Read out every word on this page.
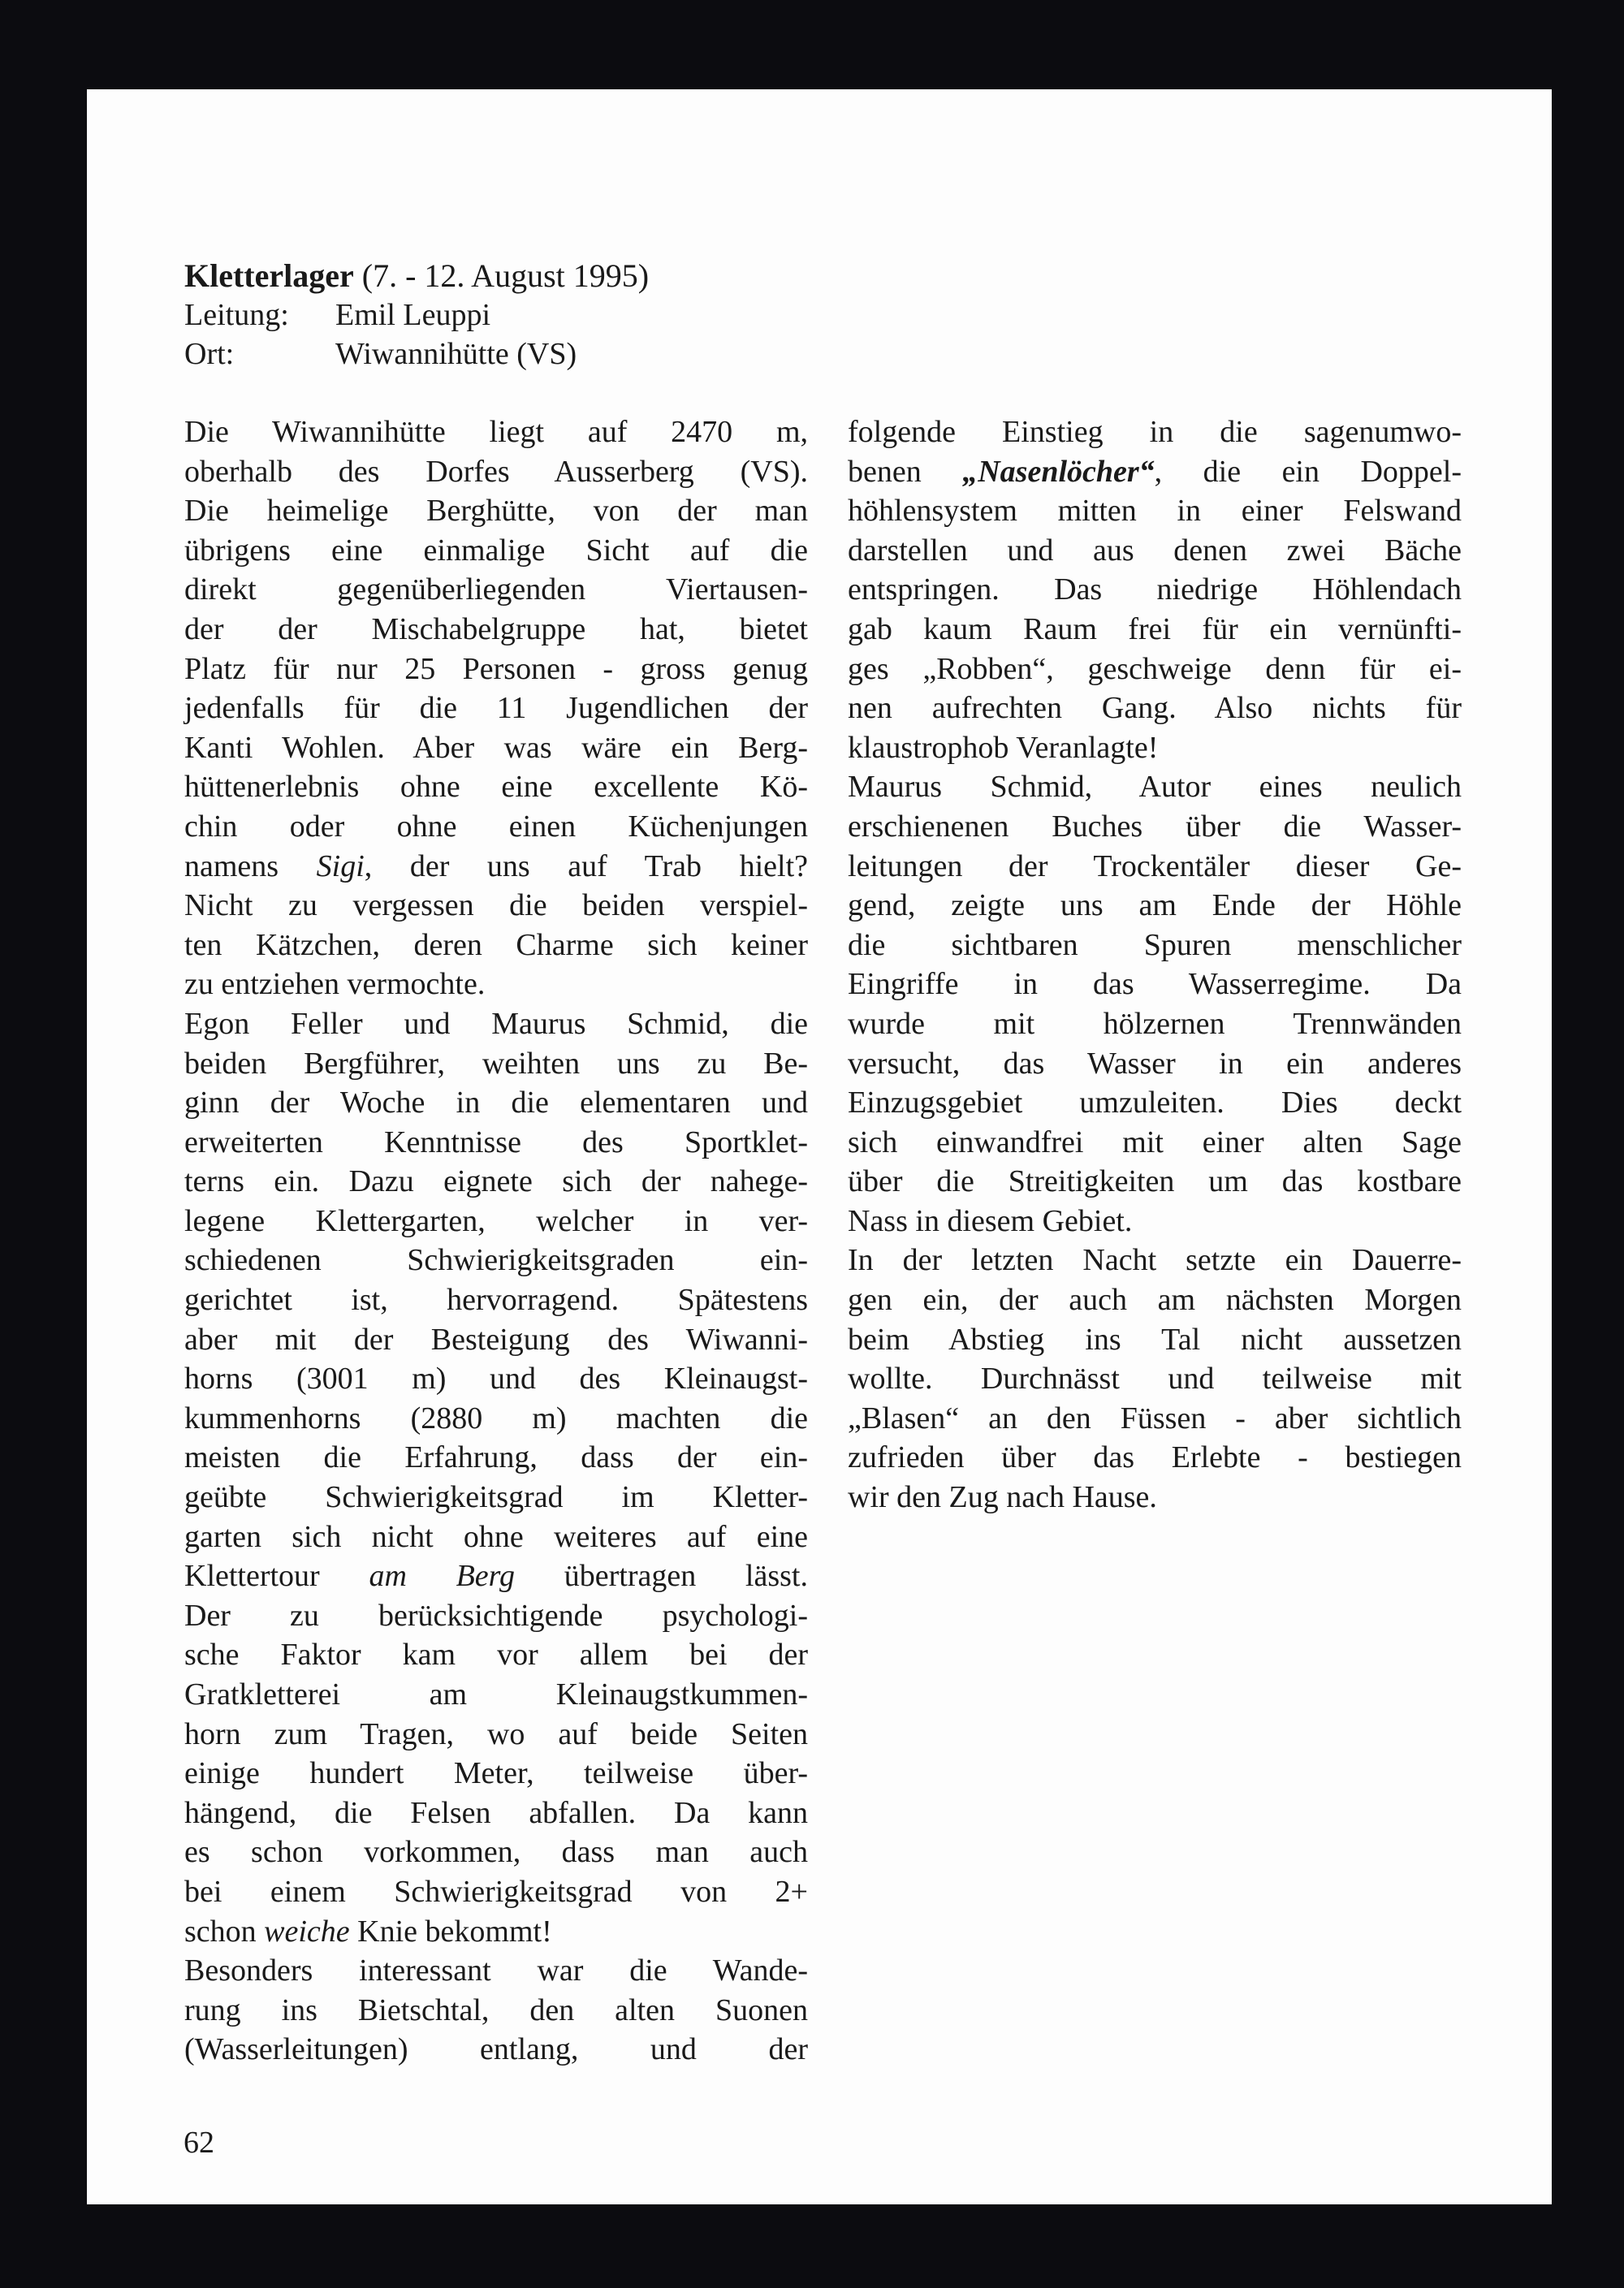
Kletterlager (7. - 12. August 1995)
Leitung:	Emil Leuppi
Ort:	Wiwannihütte (VS)
Die Wiwannihütte liegt auf 2470 m,
oberhalb des Dorfes Ausserberg (VS).
Die heimelige Berghütte, von der man
übrigens eine einmalige Sicht auf die
direkt gegenüberliegenden Viertausen-
der der Mischabelgruppe hat, bietet
Platz für nur 25 Personen - gross genug
jedenfalls für die 11 Jugendlichen der
Kanti Wohlen. Aber was wäre ein Berg-
hüttenerlebnis ohne eine excellente Kö-
chin oder ohne einen Küchenjungen
namens Sigi, der uns auf Trab hielt?
Nicht zu vergessen die beiden verspiel-
ten Kätzchen, deren Charme sich keiner
zu entziehen vermochte.
Egon Feller und Maurus Schmid, die
beiden Bergführer, weihten uns zu Be-
ginn der Woche in die elementaren und
erweiterten Kenntnisse des Sportklet-
terns ein. Dazu eignete sich der nahege-
legene Klettergarten, welcher in ver-
schiedenen Schwierigkeitsgraden ein-
gerichtet ist, hervorragend. Spätestens
aber mit der Besteigung des Wiwanni-
horns (3001 m) und des Kleinaugst-
kummenhorns (2880 m) machten die
meisten die Erfahrung, dass der ein-
geübte Schwierigkeitsgrad im Kletter-
garten sich nicht ohne weiteres auf eine
Klettertour am Berg übertragen lässt.
Der zu berücksichtigende psychologi-
sche Faktor kam vor allem bei der
Gratkletterei am Kleinaugstkummen-
horn zum Tragen, wo auf beide Seiten
einige hundert Meter, teilweise über-
hängend, die Felsen abfallen. Da kann
es schon vorkommen, dass man auch
bei einem Schwierigkeitsgrad von 2+
schon weiche Knie bekommt!
Besonders interessant war die Wande-
rung ins Bietschtal, den alten Suonen
(Wasserleitungen) entlang, und der
folgende Einstieg in die sagenumwo-
benen „Nasenlöcher“, die ein Doppel-
höhlensystem mitten in einer Felswand
darstellen und aus denen zwei Bäche
entspringen. Das niedrige Höhlendach
gab kaum Raum frei für ein vernünfti-
ges „Robben“, geschweige denn für ei-
nen aufrechten Gang. Also nichts für
klaustrophob Veranlagte!
Maurus Schmid, Autor eines neulich
erschienenen Buches über die Wasser-
leitungen der Trockentäler dieser Ge-
gend, zeigte uns am Ende der Höhle
die sichtbaren Spuren menschlicher
Eingriffe in das Wasserregime. Da
wurde mit hölzernen Trennwänden
versucht, das Wasser in ein anderes
Einzugsgebiet umzuleiten. Dies deckt
sich einwandfrei mit einer alten Sage
über die Streitigkeiten um das kostbare
Nass in diesem Gebiet.
In der letzten Nacht setzte ein Dauerre-
gen ein, der auch am nächsten Morgen
beim Abstieg ins Tal nicht aussetzen
wollte. Durchnässt und teilweise mit
„Blasen“ an den Füssen - aber sichtlich
zufrieden über das Erlebte - bestiegen
wir den Zug nach Hause.
62
